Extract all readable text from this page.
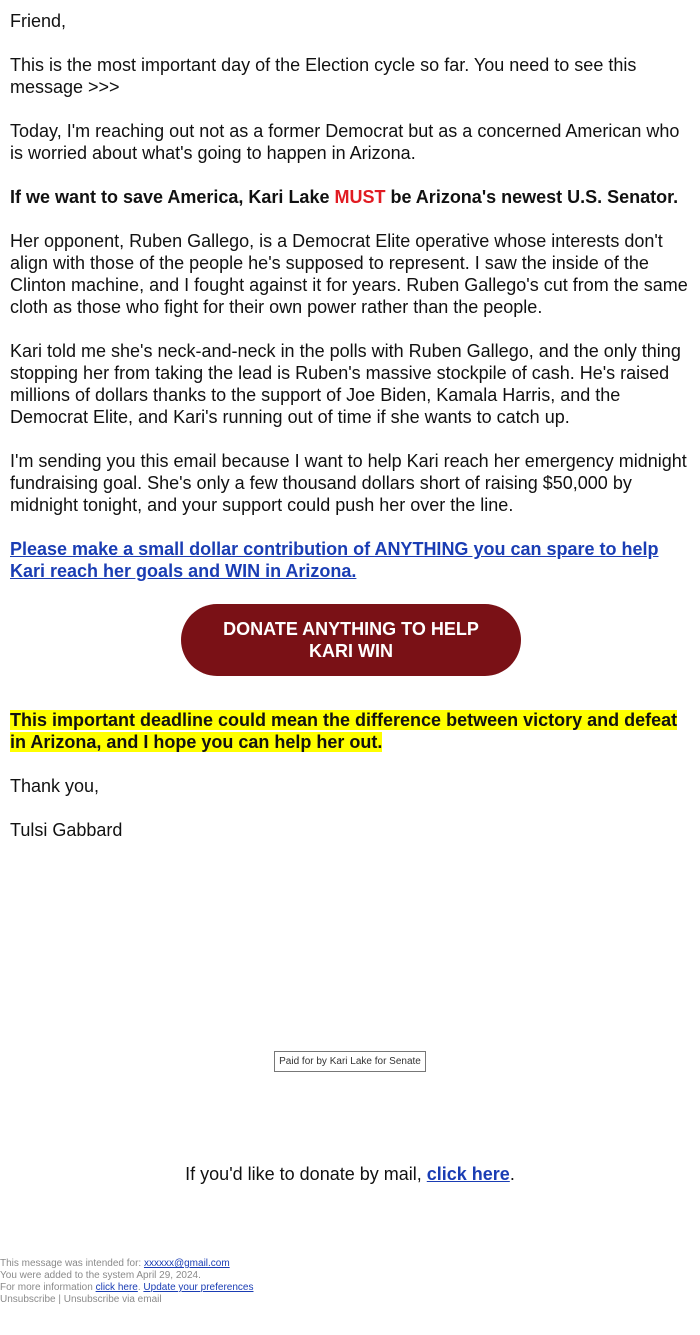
Friend,

This is the most important day of the Election cycle so far. You need to see this message >>>

Today, I'm reaching out not as a former Democrat but as a concerned American who is worried about what's going to happen in Arizona.

If we want to save America, Kari Lake MUST be Arizona's newest U.S. Senator.

Her opponent, Ruben Gallego, is a Democrat Elite operative whose interests don't align with those of the people he's supposed to represent. I saw the inside of the Clinton machine, and I fought against it for years. Ruben Gallego's cut from the same cloth as those who fight for their own power rather than the people.

Kari told me she's neck-and-neck in the polls with Ruben Gallego, and the only thing stopping her from taking the lead is Ruben's massive stockpile of cash. He's raised millions of dollars thanks to the support of Joe Biden, Kamala Harris, and the Democrat Elite, and Kari's running out of time if she wants to catch up.

I'm sending you this email because I want to help Kari reach her emergency midnight fundraising goal. She's only a few thousand dollars short of raising $50,000 by midnight tonight, and your support could push her over the line.

Please make a small dollar contribution of ANYTHING you can spare to help Kari reach her goals and WIN in Arizona.

DONATE ANYTHING TO HELP KARI WIN

This important deadline could mean the difference between victory and defeat in Arizona, and I hope you can help her out.

Thank you,

Tulsi Gabbard

Paid for by Kari Lake for Senate
If you'd like to donate by mail, click here.
This message was intended for: xxxxxx@gmail.com
You were added to the system April 29, 2024.
For more information click here. Update your preferences
Unsubscribe | Unsubscribe via email
